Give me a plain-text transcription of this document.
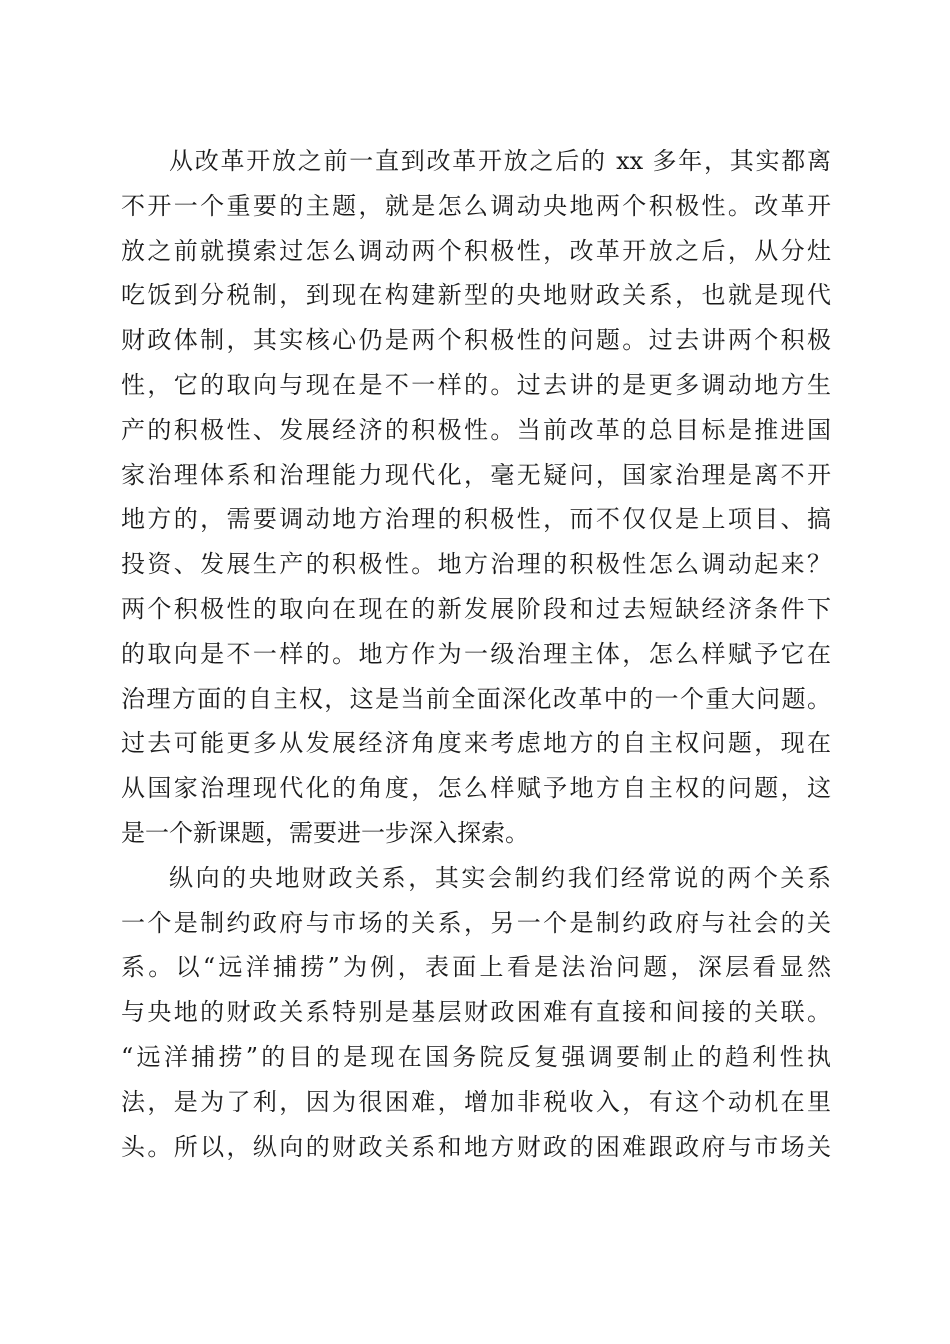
从改革开放之前一直到改革开放之后的 xx 多年，其实都离
不开一个重要的主题，就是怎么调动央地两个积极性。改革开
放之前就摸索过怎么调动两个积极性，改革开放之后，从分灶
吃饭到分税制，到现在构建新型的央地财政关系，也就是现代
财政体制，其实核心仍是两个积极性的问题。过去讲两个积极
性，它的取向与现在是不一样的。过去讲的是更多调动地方生
产的积极性、发展经济的积极性。当前改革的总目标是推进国
家治理体系和治理能力现代化，毫无疑问，国家治理是离不开
地方的，需要调动地方治理的积极性，而不仅仅是上项目、搞
投资、发展生产的积极性。地方治理的积极性怎么调动起来？
两个积极性的取向在现在的新发展阶段和过去短缺经济条件下
的取向是不一样的。地方作为一级治理主体，怎么样赋予它在
治理方面的自主权，这是当前全面深化改革中的一个重大问题。
过去可能更多从发展经济角度来考虑地方的自主权问题，现在
从国家治理现代化的角度，怎么样赋予地方自主权的问题，这
是一个新课题，需要进一步深入探索。
纵向的央地财政关系，其实会制约我们经常说的两个关系
一个是制约政府与市场的关系，另一个是制约政府与社会的关
系。以“远洋捕捞”为例，表面上看是法治问题，深层看显然
与央地的财政关系特别是基层财政困难有直接和间接的关联。
“远洋捕捞”的目的是现在国务院反复强调要制止的趋利性执
法，是为了利，因为很困难，增加非税收入，有这个动机在里
头。所以，纵向的财政关系和地方财政的困难跟政府与市场关
